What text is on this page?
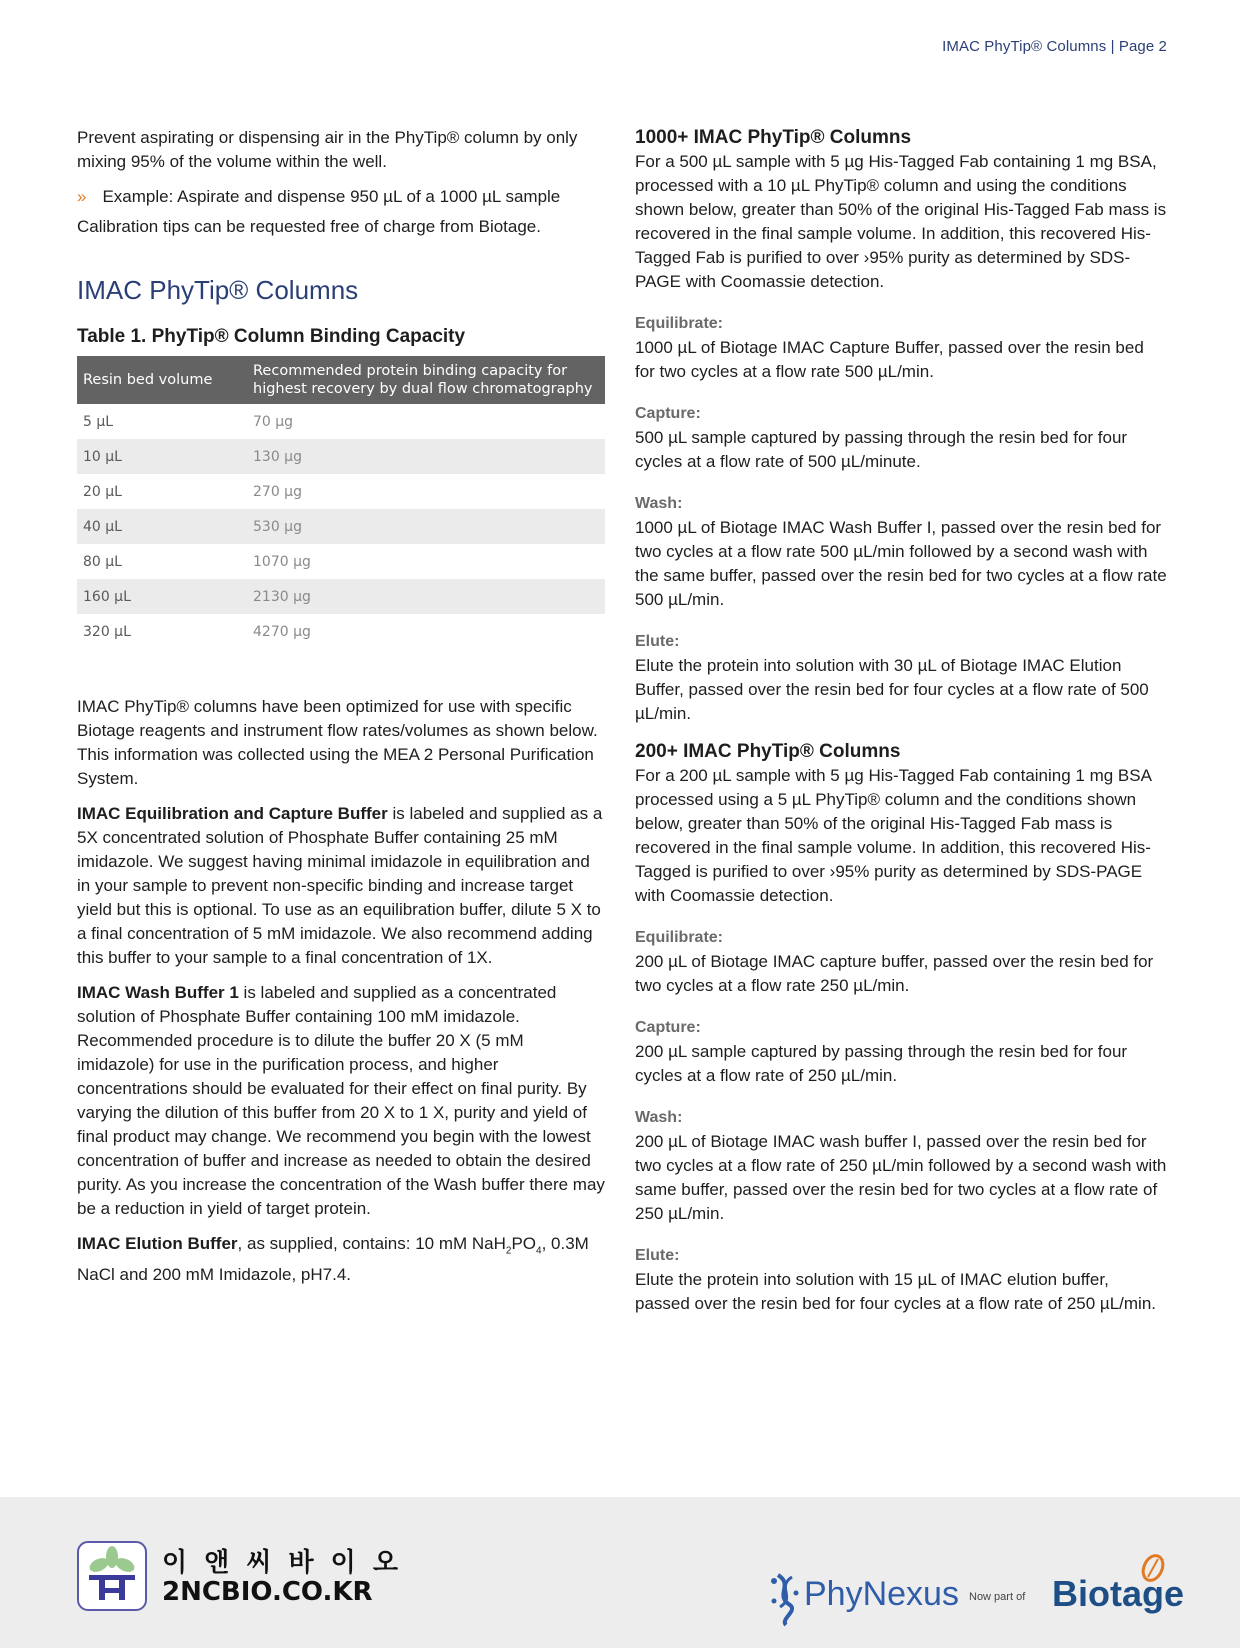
IMAC PhyTip® Columns | Page 2

Prevent aspirating or dispensing air in the PhyTip® column by only mixing 95% of the volume within the well.

» Example: Aspirate and dispense 950 µL of a 1000 µL sample

Calibration tips can be requested free of charge from Biotage.

IMAC PhyTip® Columns
Table 1. PhyTip® Column Binding Capacity
Resin bed volume	Recommended protein binding capacity for highest recovery by dual flow chromatography
5 µL	70 µg
10 µL	130 µg
20 µL	270 µg
40 µL	530 µg
80 µL	1070 µg
160 µL	2130 µg
320 µL	4270 µg

IMAC PhyTip® columns have been optimized for use with specific Biotage reagents and instrument flow rates/volumes as shown below. This information was collected using the MEA 2 Personal Purification System.

IMAC Equilibration and Capture Buffer is labeled and supplied as a 5X concentrated solution of Phosphate Buffer containing 25 mM imidazole. We suggest having minimal imidazole in equilibration and in your sample to prevent non-specific binding and increase target yield but this is optional. To use as an equilibration buffer, dilute 5 X to a final concentration of 5 mM imidazole. We also recommend adding this buffer to your sample to a final concentration of 1X.

IMAC Wash Buffer 1 is labeled and supplied as a concentrated solution of Phosphate Buffer containing 100 mM imidazole. Recommended procedure is to dilute the buffer 20 X (5 mM imidazole) for use in the purification process, and higher concentrations should be evaluated for their effect on final purity. By varying the dilution of this buffer from 20 X to 1 X, purity and yield of final product may change. We recommend you begin with the lowest concentration of buffer and increase as needed to obtain the desired purity. As you increase the concentration of the Wash buffer there may be a reduction in yield of target protein.

IMAC Elution Buffer, as supplied, contains: 10 mM $NaH_2PO_4$, 0.3M NaCl and 200 mM Imidazole, pH7.4.

1000+ IMAC PhyTip® Columns

For a 500 µL sample with 5 µg His-Tagged Fab containing 1 mg BSA, processed with a 10 µL PhyTip® column and using the conditions shown below, greater than 50% of the original His-Tagged Fab mass is recovered in the final sample volume. In addition, this recovered His-Tagged Fab is purified to over ›95% purity as determined by SDS-PAGE with Coomassie detection.

Equilibrate:

1000 µL of Biotage IMAC Capture Buffer, passed over the resin bed for two cycles at a flow rate 500 µL/min.

Capture:

500 µL sample captured by passing through the resin bed for four cycles at a flow rate of 500 µL/minute.

Wash:

1000 µL of Biotage IMAC Wash Buffer I, passed over the resin bed for two cycles at a flow rate 500 µL/min followed by a second wash with the same buffer, passed over the resin bed for two cycles at a flow rate 500 µL/min.

Elute:

Elute the protein into solution with 30 µL of Biotage IMAC Elution Buffer, passed over the resin bed for four cycles at a flow rate of 500 µL/min.

200+ IMAC PhyTip® Columns

For a 200 µL sample with 5 µg His-Tagged Fab containing 1 mg BSA processed using a 5 µL PhyTip® column and the conditions shown below, greater than 50% of the original His-Tagged Fab mass is recovered in the final sample volume. In addition, this recovered His-Tagged is purified to over ›95% purity as determined by SDS-PAGE with Coomassie detection.

Equilibrate:

200 µL of Biotage IMAC capture buffer, passed over the resin bed for two cycles at a flow rate 250 µL/min.

Capture:

200 µL sample captured by passing through the resin bed for four cycles at a flow rate of 250 µL/min.

Wash:

200 µL of Biotage IMAC wash buffer I, passed over the resin bed for two cycles at a flow rate of 250 µL/min followed by a second wash with same buffer, passed over the resin bed for two cycles at a flow rate of 250 µL/min.

Elute:

Elute the protein into solution with 15 µL of IMAC elution buffer, passed over the resin bed for four cycles at a flow rate of 250 µL/min.

이 앤 씨 바 이 오
2NCBIO.CO.KR	PhyNexus Now part of Biotage
